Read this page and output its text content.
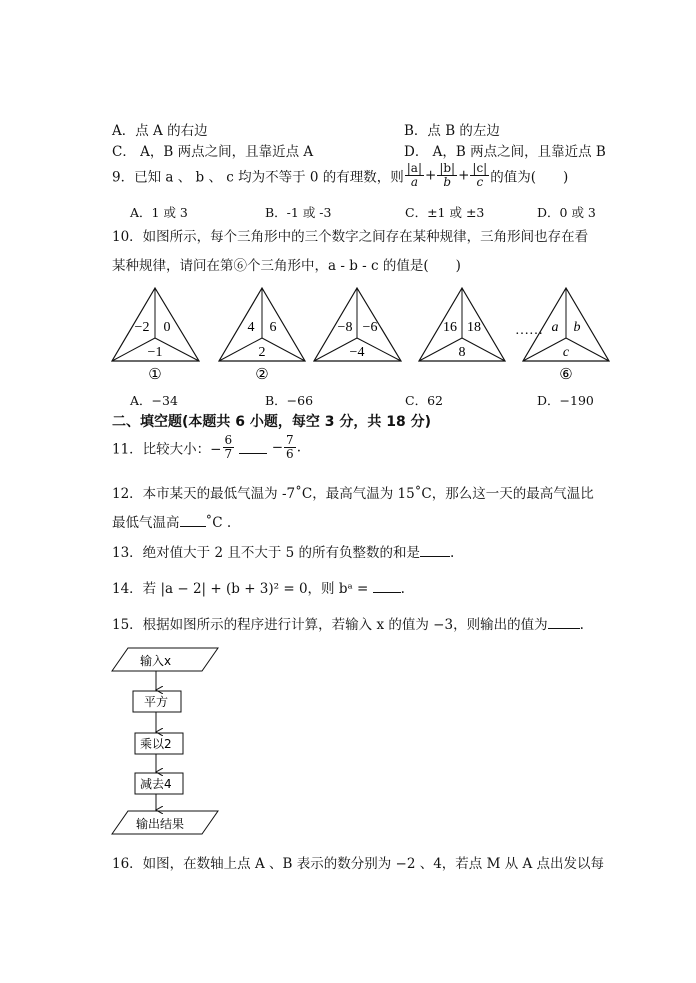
A．点 A 的右边	B．点 B 的左边
C． A，B 两点之间，且靠近点 A	D． A，B 两点之间，且靠近点 B
9．已知 a 、 b 、 c 均为不等于 0 的有理数，则 $\frac{|a|}{a} + \frac{|b|}{b} + \frac{|c|}{c}$ 的值为(　　)
A．1 或 3	B．-1 或 -3	C．±1 或 ±3	D．0 或 3
10．如图所示，每个三角形中的三个数字之间存在某种规律，三角形间也存在看
某种规律，请问在第⑥个三角形中，a - b - c 的值是(　　)
−2 0
−1
①
4 6
2
②
−8 −6
−4
16 18
8
…… a b
c
⑥
A．−34	B．−66	C．62	D．−190
二、填空题(本题共 6 小题，每空 3 分，共 18 分)
11．比较大小：− $\frac{6}{7}$	− $\frac{7}{6}$ .
12．本市某天的最低气温为 -7˚C，最高气温为 15˚C，那么这一天的最高气温比
最低气温高 ˚C .
13．绝对值大于 2 且不大于 5 的所有负整数的和是 .
14．若 |a − 2| + (b + 3)² = 0，则 bᵃ = .
15．根据如图所示的程序进行计算，若输入 x 的值为 −3，则输出的值为 .
输入x
平方
乘以2
减去4
输出结果
16．如图，在数轴上点 A 、B 表示的数分别为 −2 、4，若点 M 从 A 点出发以每
